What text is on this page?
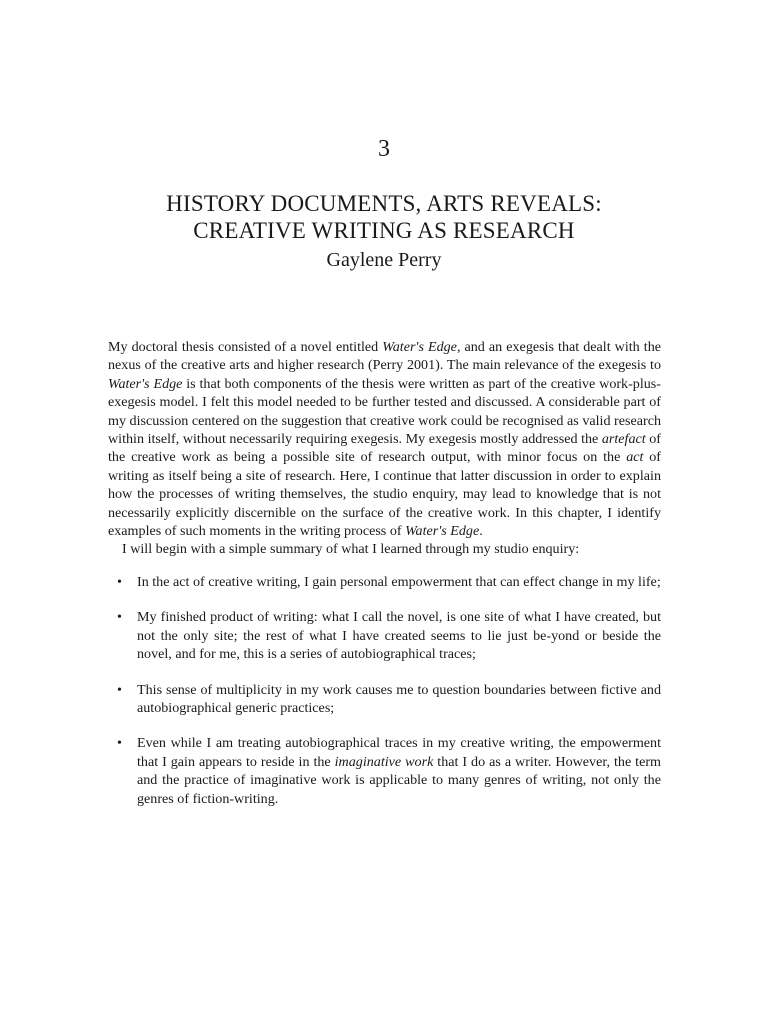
3
HISTORY DOCUMENTS, ARTS REVEALS:
CREATIVE WRITING AS RESEARCH
Gaylene Perry

My doctoral thesis consisted of a novel entitled Water's Edge, and an exegesis that dealt with the nexus of the creative arts and higher research (Perry 2001). The main relevance of the exegesis to Water's Edge is that both components of the thesis were written as part of the creative work-plus-exegesis model. I felt this model needed to be further tested and discussed. A considerable part of my discussion centered on the suggestion that creative work could be recognised as valid research within itself, without necessarily requiring exegesis. My exegesis mostly addressed the artefact of the creative work as being a possible site of research output, with minor focus on the act of writing as itself being a site of research. Here, I continue that latter discussion in order to explain how the processes of writing themselves, the studio enquiry, may lead to knowledge that is not necessarily explicitly discernible on the surface of the creative work. In this chapter, I identify examples of such moments in the writing process of Water's Edge.

I will begin with a simple summary of what I learned through my studio enquiry:

• In the act of creative writing, I gain personal empowerment that can effect change in my life;
• My finished product of writing: what I call the novel, is one site of what I have created, but not the only site; the rest of what I have created seems to lie just be-yond or beside the novel, and for me, this is a series of autobiographical traces;
• This sense of multiplicity in my work causes me to question boundaries between fictive and autobiographical generic practices;
• Even while I am treating autobiographical traces in my creative writing, the empowerment that I gain appears to reside in the imaginative work that I do as a writer. However, the term and the practice of imaginative work is applicable to many genres of writing, not only the genres of fiction-writing.
